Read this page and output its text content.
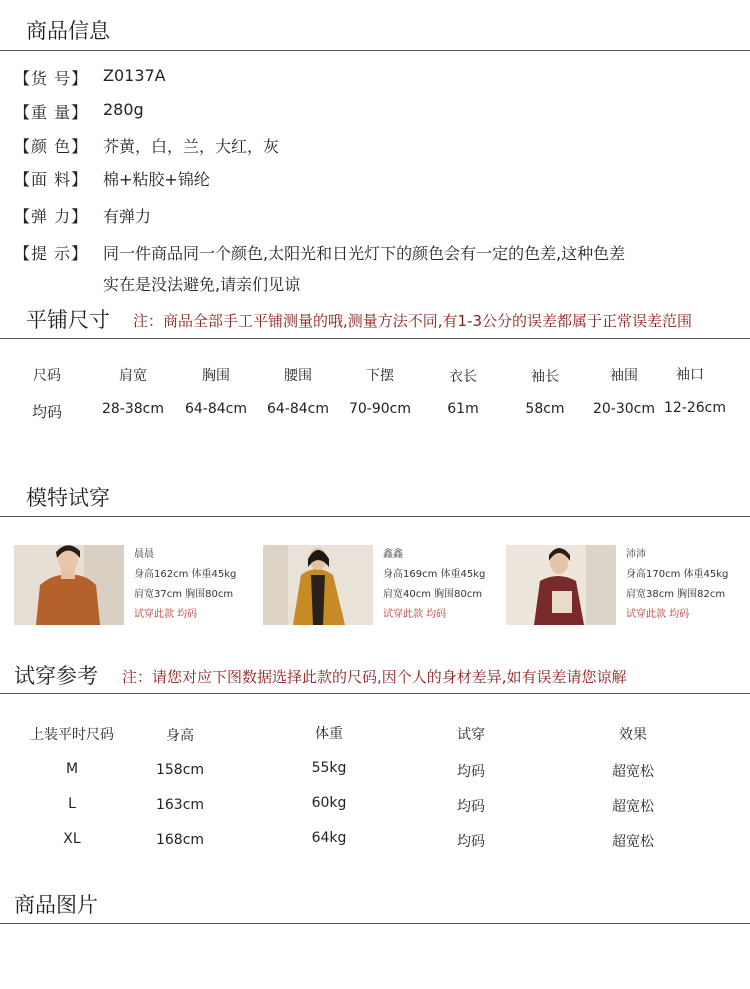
商品信息
【货 号】 Z0137A
【重 量】 280g
【颜 色】 芥黄，白，兰，大红，灰
【面 料】 棉+粘胶+锦纶
【弹 力】 有弹力
【提 示】 同一件商品同一个颜色,太阳光和日光灯下的颜色会有一定的色差,这种色差
实在是没法避免,请亲们见谅
平铺尺寸 注：商品全部手工平铺测量的哦,测量方法不同,有1-3公分的误差都属于正常误差范围
尺码	肩宽	胸围	腰围	下摆	衣长	袖长	袖围	袖口
均码	28-38cm	64-84cm	64-84cm	70-90cm	61m	58cm	20-30cm 12-26cm
模特试穿
晨晨
身高162cm 体重45kg
肩宽37cm 胸围80cm
试穿此款 均码
鑫鑫
身高169cm 体重45kg
肩宽40cm 胸围80cm
试穿此款 均码
沛沛
身高170cm 体重45kg
肩宽38cm 胸围82cm
试穿此款 均码
试穿参考 注：请您对应下图数据选择此款的尺码,因个人的身材差异,如有误差请您谅解
上装平时尺码	身高	体重	试穿	效果
M	158cm	55kg	均码	超宽松
L	163cm	60kg	均码	超宽松
XL	168cm	64kg	均码	超宽松
商品图片
